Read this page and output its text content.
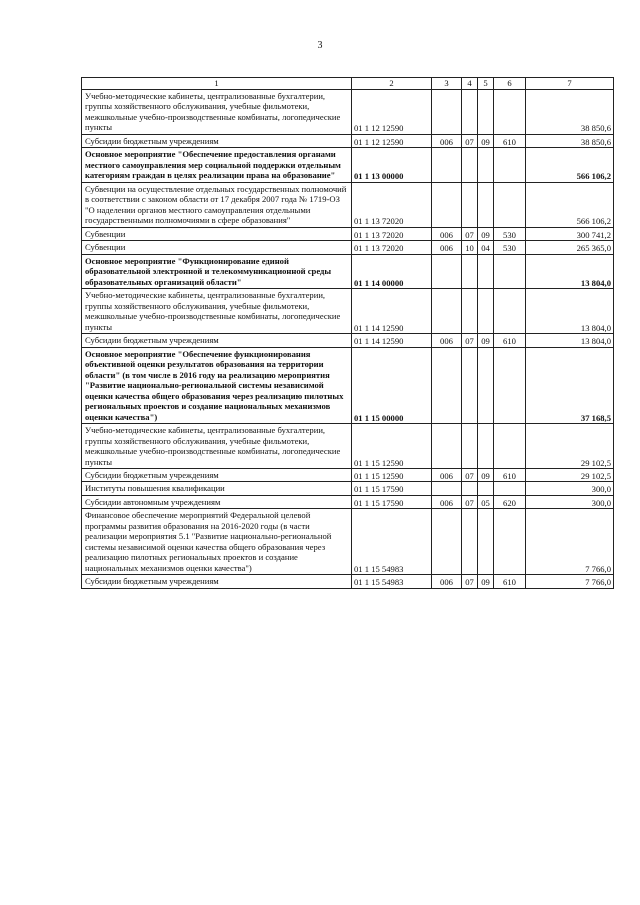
3
1	2	3	4	5	6	7
Учебно-методические кабинеты, централизованные бухгалтерии, группы хозяйственного обслуживания, учебные фильмотеки, межшкольные учебно-производственные комбинаты, логопедические пункты	01 1 12 12590					38 850,6
Субсидии бюджетным учреждениям	01 1 12 12590	006	07	09	610	38 850,6
Основное мероприятие "Обеспечение предоставления органами местного самоуправления мер социальной поддержки отдельным категориям граждан в целях реализации права на образование"	01 1 13 00000					566 106,2
Субвенции на осуществление отдельных государственных полномочий в соответствии с законом области от 17 декабря 2007 года № 1719-ОЗ "О наделении органов местного самоуправления отдельными государственными полномочиями в сфере образования"	01 1 13 72020					566 106,2
Субвенции	01 1 13 72020	006	07	09	530	300 741,2
Субвенции	01 1 13 72020	006	10	04	530	265 365,0
Основное мероприятие "Функционирование единой образовательной электронной и телекоммуникационной среды образовательных организаций области"	01 1 14 00000					13 804,0
Учебно-методические кабинеты, централизованные бухгалтерии, группы хозяйственного обслуживания, учебные фильмотеки, межшкольные учебно-производственные комбинаты, логопедические пункты	01 1 14 12590					13 804,0
Субсидии бюджетным учреждениям	01 1 14 12590	006	07	09	610	13 804,0
Основное мероприятие "Обеспечение функционирования объективной оценки результатов образования на территории области" (в том числе в 2016 году на реализацию мероприятия "Развитие национально-региональной системы независимой оценки качества общего образования через реализацию пилотных региональных проектов и создание национальных механизмов оценки качества")	01 1 15 00000					37 168,5
Учебно-методические кабинеты, централизованные бухгалтерии, группы хозяйственного обслуживания, учебные фильмотеки, межшкольные учебно-производственные комбинаты, логопедические пункты	01 1 15 12590					29 102,5
Субсидии бюджетным учреждениям	01 1 15 12590	006	07	09	610	29 102,5
Институты повышения квалификации	01 1 15 17590					300,0
Субсидии автономным учреждениям	01 1 15 17590	006	07	05	620	300,0
Финансовое обеспечение мероприятий Федеральной целевой программы развития образования на 2016-2020 годы (в части реализации мероприятия 5.1 "Развитие национально-региональной системы независимой оценки качества общего образования через реализацию пилотных региональных проектов и создание национальных механизмов оценки качества")	01 1 15 54983					7 766,0
Субсидии бюджетным учреждениям	01 1 15 54983	006	07	09	610	7 766,0
